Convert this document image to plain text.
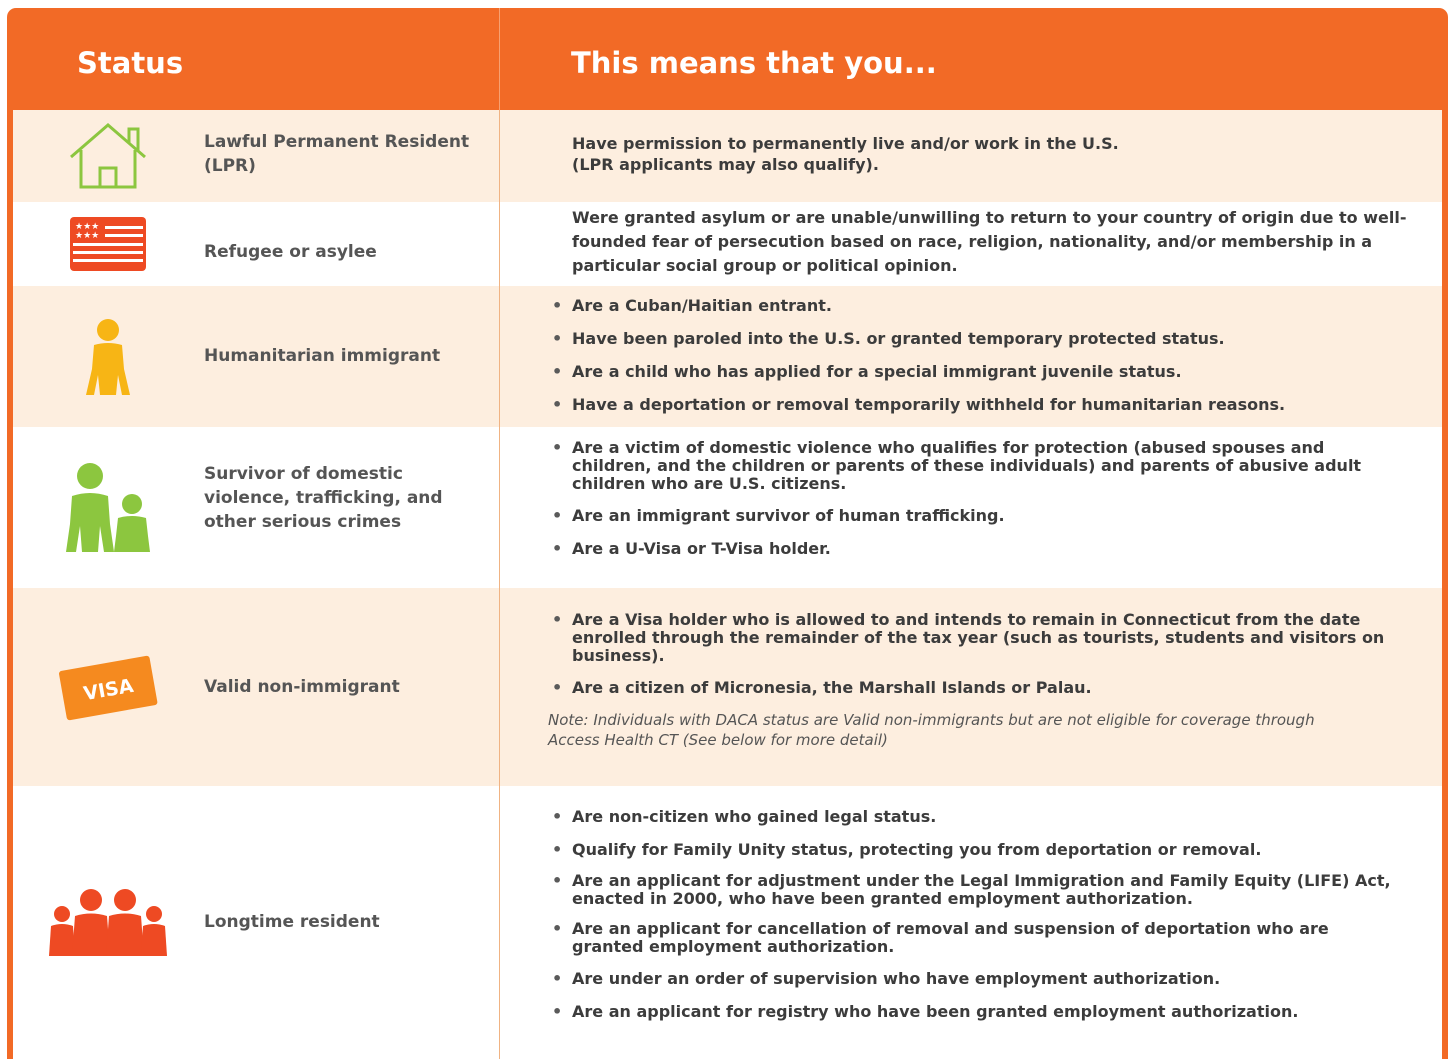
Status	This means that you...
Lawful Permanent Resident (LPR)
Have permission to permanently live and/or work in the U.S.
(LPR applicants may also qualify).
★★★
★★★
Refugee or asylee
Were granted asylum or are unable/unwilling to return to your country of origin due to well-founded fear of persecution based on race, religion, nationality, and/or membership in a particular social group or political opinion.
Humanitarian immigrant
• Are a Cuban/Haitian entrant.
• Have been paroled into the U.S. or granted temporary protected status.
• Are a child who has applied for a special immigrant juvenile status.
• Have a deportation or removal temporarily withheld for humanitarian reasons.
Survivor of domestic violence, trafficking, and other serious crimes
• Are a victim of domestic violence who qualifies for protection (abused spouses and children, and the children or parents of these individuals) and parents of abusive adult children who are U.S. citizens.
• Are an immigrant survivor of human trafficking.
• Are a U-Visa or T-Visa holder.
VISA	Valid non-immigrant
• Are a Visa holder who is allowed to and intends to remain in Connecticut from the date enrolled through the remainder of the tax year (such as tourists, students and visitors on business).
• Are a citizen of Micronesia, the Marshall Islands or Palau.
Note: Individuals with DACA status are Valid non-immigrants but are not eligible for coverage through Access Health CT (See below for more detail)
Longtime resident
• Are non-citizen who gained legal status.
• Qualify for Family Unity status, protecting you from deportation or removal.
• Are an applicant for adjustment under the Legal Immigration and Family Equity (LIFE) Act, enacted in 2000, who have been granted employment authorization.
• Are an applicant for cancellation of removal and suspension of deportation who are granted employment authorization.
• Are under an order of supervision who have employment authorization.
• Are an applicant for registry who have been granted employment authorization.
